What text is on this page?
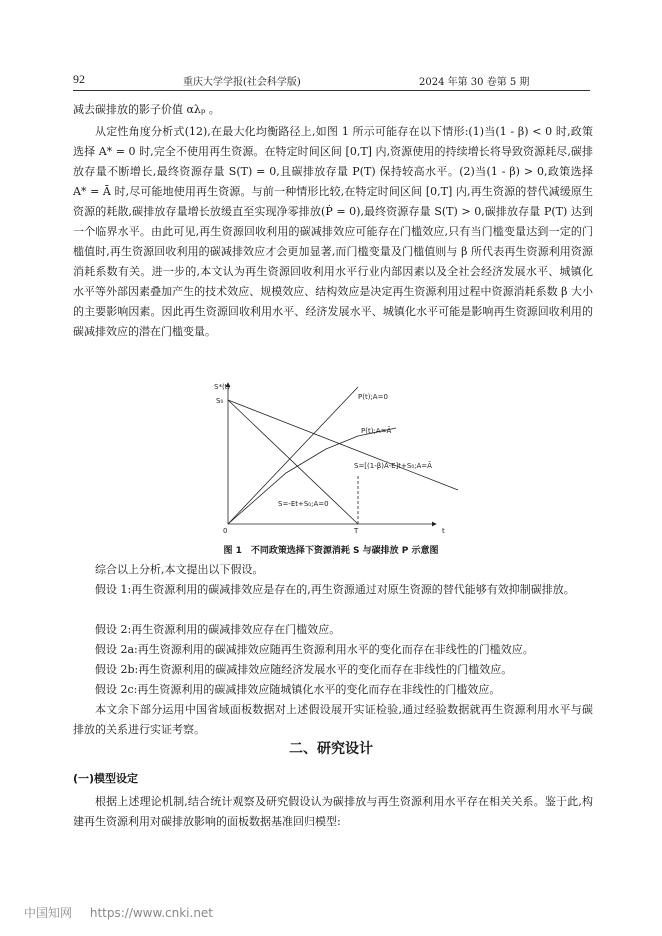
92	重庆大学学报(社会科学版)	2024 年第 30 卷第 5 期

减去碳排放的影子价值 αλₚ 。

从定性角度分析式(12),在最大化均衡路径上,如图 1 所示可能存在以下情形:(1)当(1 - β) < 0 时,政策选择 A* = 0 时,完全不使用再生资源。在特定时间区间 [0,T] 内,资源使用的持续增长将导致资源耗尽,碳排放存量不断增长,最终资源存量 S(T) = 0,且碳排放存量 P(T) 保持较高水平。(2)当(1 - β) > 0,政策选择 A* = Ā 时,尽可能地使用再生资源。与前一种情形比较,在特定时间区间 [0,T] 内,再生资源的替代减缓原生资源的耗散,碳排放存量增长放缓直至实现净零排放(Ṗ = 0),最终资源存量 S(T) > 0,碳排放存量 P(T) 达到一个临界水平。由此可见,再生资源回收利用的碳减排效应可能存在门槛效应,只有当门槛变量达到一定的门槛值时,再生资源回收利用的碳减排效应才会更加显著,而门槛变量及门槛值则与 β 所代表再生资源利用资源消耗系数有关。进一步的,本文认为再生资源回收利用水平行业内部因素以及全社会经济发展水平、城镇化水平等外部因素叠加产生的技术效应、规模效应、结构效应是决定再生资源利用过程中资源消耗系数 β 大小的主要影响因素。因此再生资源回收利用水平、经济发展水平、城镇化水平可能是影响再生资源回收利用的碳减排效应的潜在门槛变量。

S*(t)
S₀
0	T	t
P(t);A=0
P(t);A=Ā
S=[(1-β)Ā-E]t+S₀;A=Ā
S=-Et+S₀;A=0

图 1　不同政策选择下资源消耗 S 与碳排放 P 示意图

综合以上分析,本文提出以下假设。

假设 1:再生资源利用的碳减排效应是存在的,再生资源通过对原生资源的替代能够有效抑制碳排放。

假设 2:再生资源利用的碳减排效应存在门槛效应。

假设 2a:再生资源利用的碳减排效应随再生资源利用水平的变化而存在非线性的门槛效应。

假设 2b:再生资源利用的碳减排效应随经济发展水平的变化而存在非线性的门槛效应。

假设 2c:再生资源利用的碳减排效应随城镇化水平的变化而存在非线性的门槛效应。

本文余下部分运用中国省域面板数据对上述假设展开实证检验,通过经验数据就再生资源利用水平与碳排放的关系进行实证考察。

二、研究设计
(一)模型设定

根据上述理论机制,结合统计观察及研究假设认为碳排放与再生资源利用水平存在相关关系。鉴于此,构建再生资源利用对碳排放影响的面板数据基准回归模型:

中国知网 https://www.cnki.net
